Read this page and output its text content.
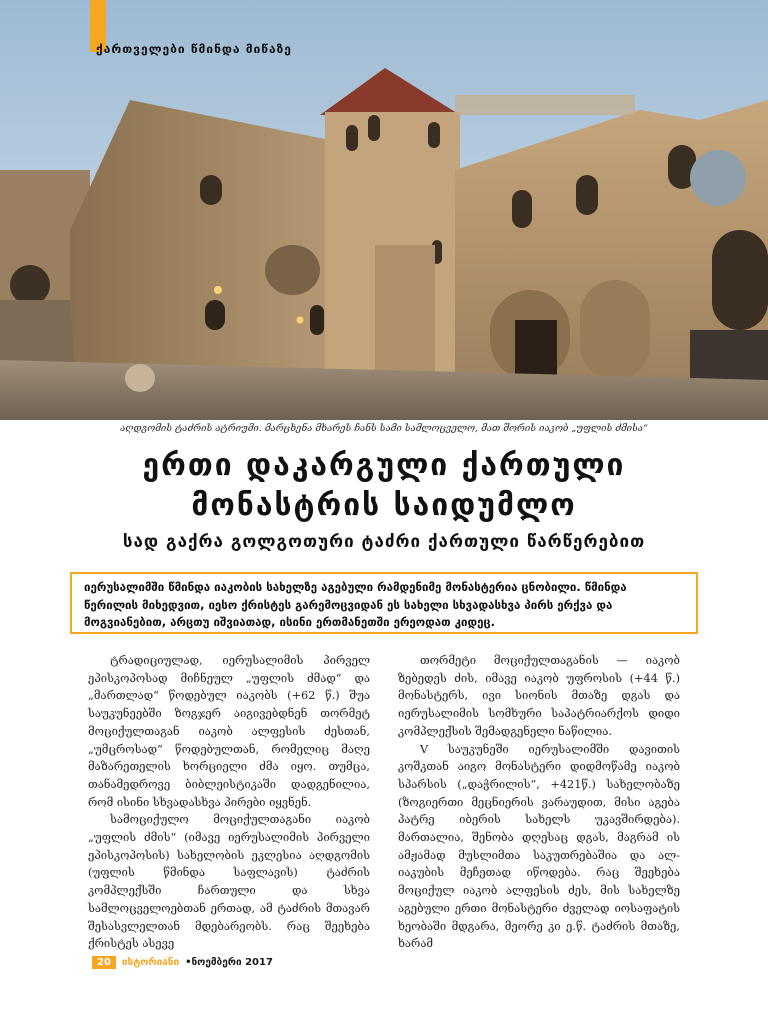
ქართველები წმინდა მიწაზე
აღდგომის ტაძრის ატრიუმი. მარცხენა მხარეს ჩანს სამი სამლოცველო, მათ შორის იაკობ „უფლის ძმისა“
ერთი დაკარგული ქართული
მონასტრის საიდუმლო
სად გაქრა გოლგოთური ტაძრი ქართული წარწერებით
იერუსალიმში წმინდა იაკობის სახელზე აგებული რამდენიმე მონასტერია ცნობილი. წმინდა წერილის მიხედვით, იესო ქრისტეს გარემოცვიდან ეს სახელი სხვადასხვა პირს ერქვა და მოგვიანებით, არცთუ იშვიათად, ისინი ერთმანეთში ერეოდათ კიდეც.

ტრადიციულად, იერუსალიმის პირველ ეპისკოპოსად მიჩნეულ „უფლის ძმად“ და „მართლად“ წოდებულ იაკობს (+62 წ.) შუა საუკუნეებში ზოგჯერ აიგივებდნენ თორმეტ მოციქულთაგან იაკობ ალფესის ძესთან, „უმცროსად“ წოდებულთან, რომელიც მაღე მაზარეთელის ხორციელი ძმა იყო. თუმცა, თანამედროვე ბიბლეისტიკაში დადგენილია, რომ ისინი სხვადასხვა პირები იყვნენ.

სამოციქულო მოციქულთაგანი იაკობ „უფლის ძმის“ (იმავე იერუსალიმის პირველი ეპისკოპოსის) სახელობის ეკლესია აღდგომის (უფლის წმინდა საფლავის) ტაძრის კომპლექსში ჩართული და სხვა სამლოცველოებთან ერთად, ამ ტაძრის მთავარ შესასვლელთან მდებარეობს. რაც შეეხება ქრისტეს ასევე

თორმეტი მოციქულთაგანის — იაკობ ზებედეს ძის, იმავე იაკობ უფროსის (+44 წ.) მონასტერს, ივი სიონის მთაზე დგას და იერუსალიმის სომხური საპატრიარქოს დიდი კომპლექსის შემადგენელი ნაწილია.

V საუკუნეში იერუსალიმში დავითის კოშკთან აიგო მონასტერი დიდმოწამე იაკობ სპარსის („დაჭრილის“, +421წ.) სახელობაზე (ზოგიერთი მეცნიერის ვარაუდით, მისი აგება პატრე იბერის სახელს უკავშირდება). მართალია, შენობა დღესაც დგას, მაგრამ ის ამჟამად მუსლიმთა საკუთრებაშია და ალ-იაკუბის მეჩეთად იწოდება. რაც შეეხება მოციქულ იაკობ ალფესის ძეს, მის სახელზე აგებული ერთი მონასტერი ძველად იოსაფატის ხეობაში მდგარა, მეორე კი ე.წ. ტაძრის მთაზე, ხარამ

20	ისტორიანი •ნოემბერი 2017
